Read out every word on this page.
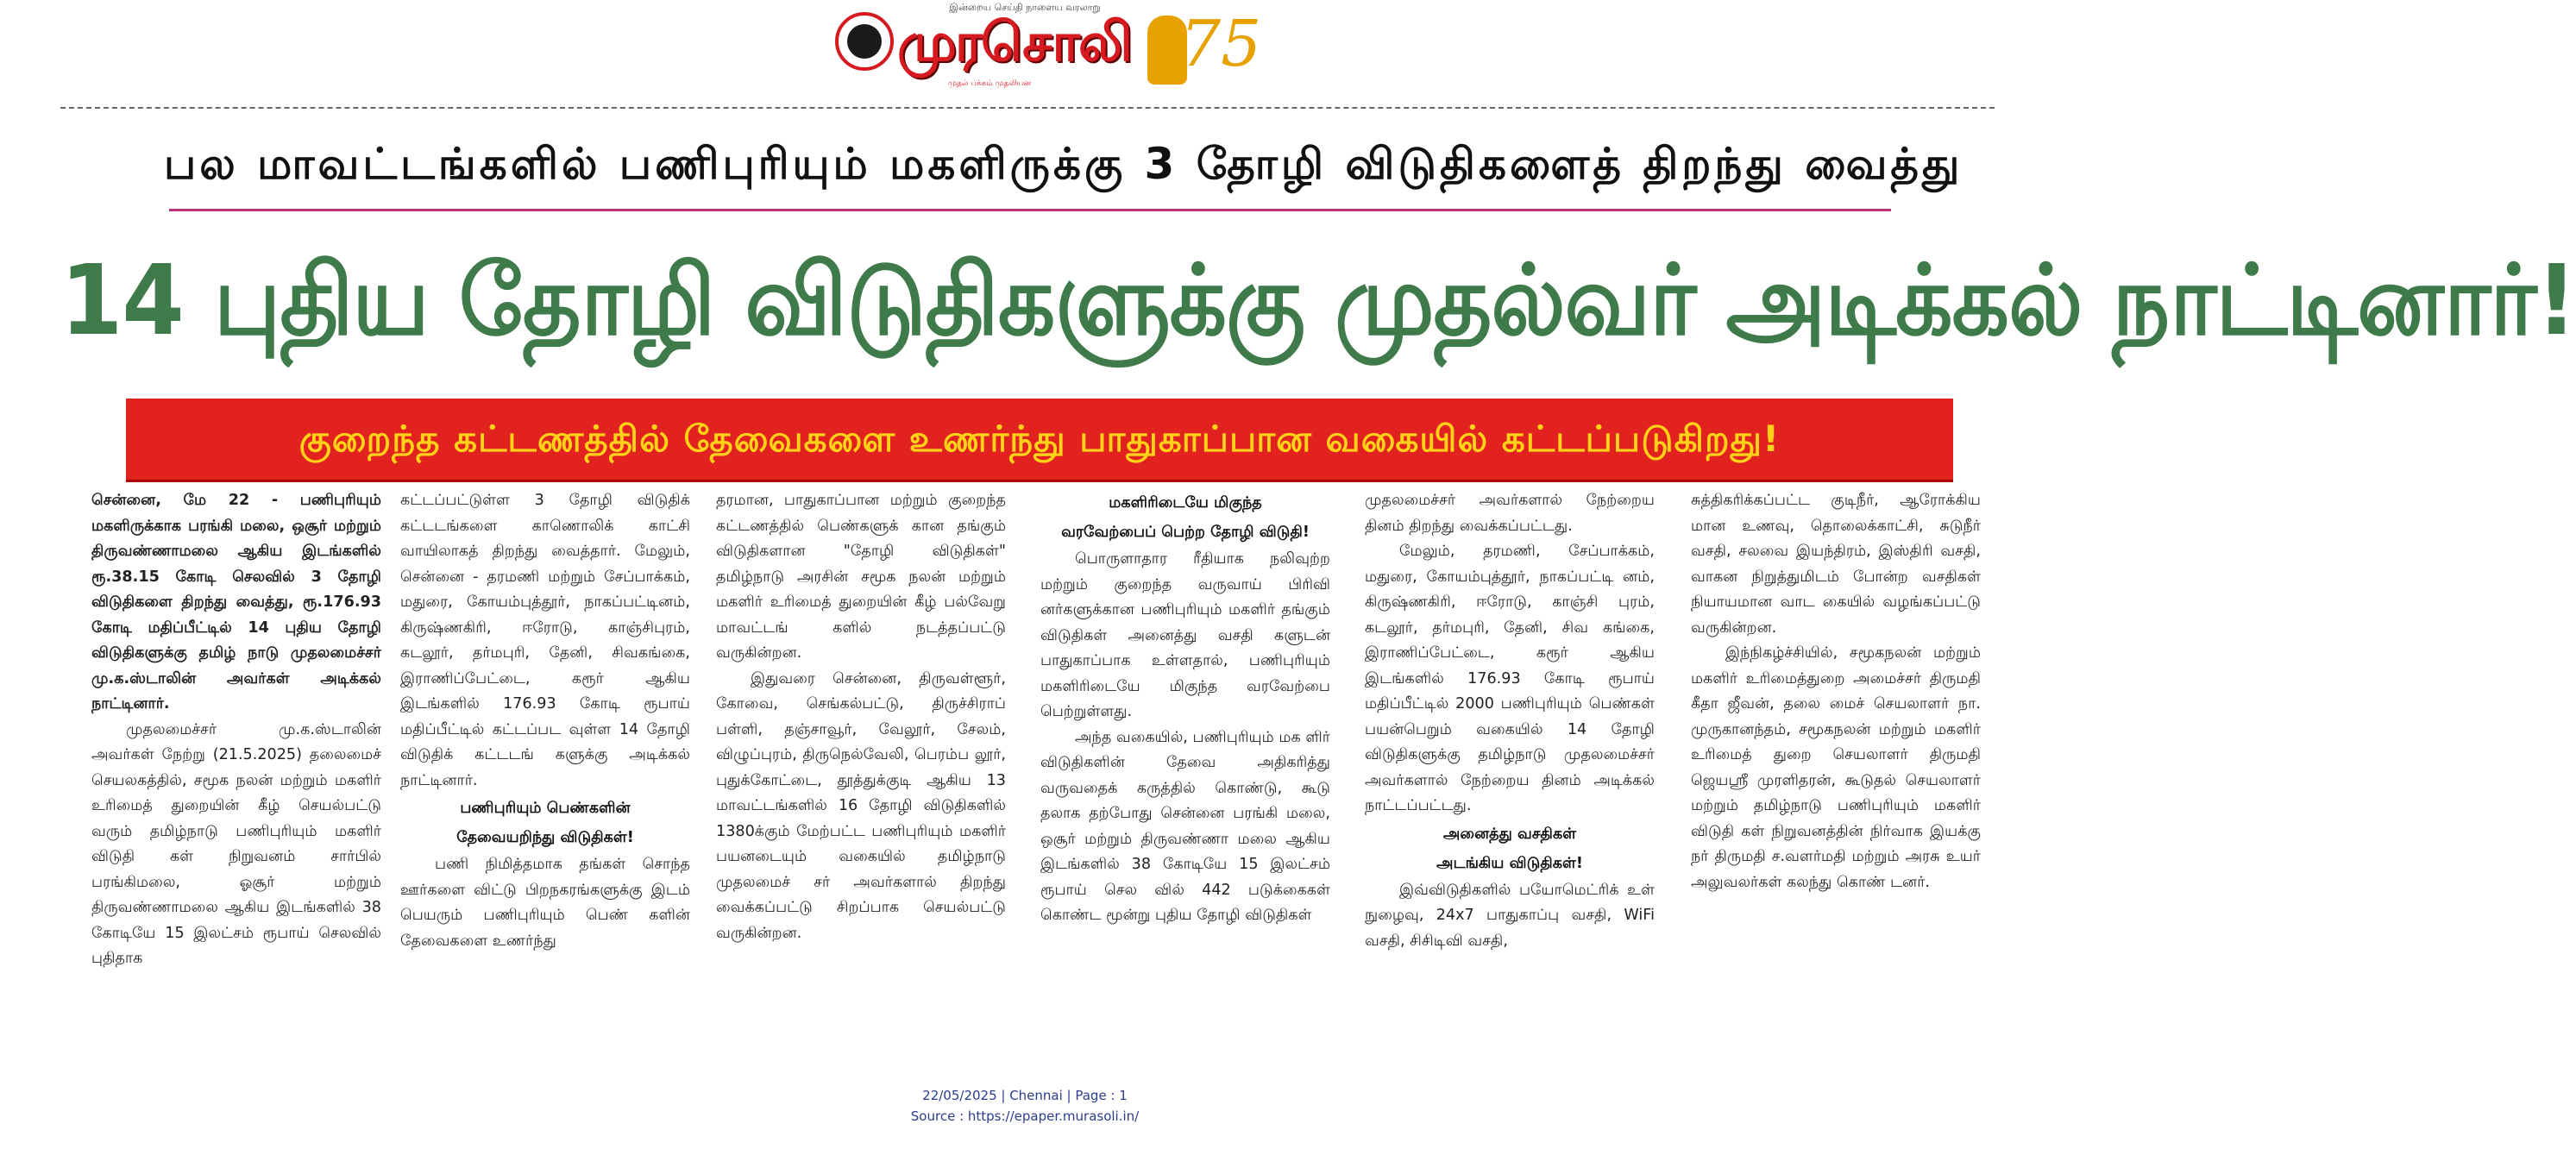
இன்றைய செய்தி நாளைய வரலாறு
முரசொலி
முதல் பக்கம் முதலியன
75
பல மாவட்டங்களில் பணிபுரியும் மகளிருக்கு 3 தோழி விடுதிகளைத் திறந்து வைத்து
14 புதிய தோழி விடுதிகளுக்கு முதல்வர் அடிக்கல் நாட்டினார்!
குறைந்த கட்டணத்தில் தேவைகளை உணர்ந்து பாதுகாப்பான வகையில் கட்டப்படுகிறது!

சென்னை, மே 22 - பணிபுரியும் மகளிருக்காக பரங்கி மலை, ஒசூர் மற்றும் திருவண்ணாமலை ஆகிய இடங்களில் ரூ.38.15 கோடி செலவில் 3 தோழி விடுதிகளை திறந்து வைத்து, ரூ.176.93 கோடி மதிப்பீட்டில் 14 புதிய தோழி விடுதிகளுக்கு தமிழ் நாடு முதலமைச்சர் மு.க.ஸ்டாலின் அவர்கள் அடிக்கல் நாட்டினார்.

முதலமைச்சர் மு.க.ஸ்டாலின் அவர்கள் நேற்று (21.5.2025) தலைமைச் செயலகத்தில், சமூக நலன் மற்றும் மகளிர் உரிமைத் துறையின் கீழ் செயல்பட்டு வரும் தமிழ்நாடு பணிபுரியும் மகளிர் விடுதி கள் நிறுவனம் சார்பில் பரங்கிமலை, ஓசூர் மற்றும் திருவண்ணாமலை ஆகிய இடங்களில் 38 கோடியே 15 இலட்சம் ரூபாய் செலவில் புதிதாக

கட்டப்பட்டுள்ள 3 தோழி விடுதிக் கட்டடங்களை காணொலிக் காட்சி வாயிலாகத் திறந்து வைத்தார். மேலும், சென்னை - தரமணி மற்றும் சேப்பாக்கம், மதுரை, கோயம்புத்தூர், நாகப்பட்டினம், கிருஷ்ணகிரி, ஈரோடு, காஞ்சிபுரம், கடலூர், தர்மபுரி, தேனி, சிவகங்கை, இராணிப்பேட்டை, கரூர் ஆகிய இடங்களில் 176.93 கோடி ரூபாய் மதிப்பீட்டில் கட்டப்பட வுள்ள 14 தோழி விடுதிக் கட்டடங் களுக்கு அடிக்கல் நாட்டினார்.

பணிபுரியும் பெண்களின்

தேவையறிந்து விடுதிகள்!

பணி நிமித்தமாக தங்கள் சொந்த ஊர்களை விட்டு பிறநகரங்களுக்கு இடம் பெயரும் பணிபுரியும் பெண் களின் தேவைகளை உணர்ந்து

தரமான, பாதுகாப்பான மற்றும் குறைந்த கட்டணத்தில் பெண்களுக் கான தங்கும் விடுதிகளான "தோழி விடுதிகள்" தமிழ்நாடு அரசின் சமூக நலன் மற்றும் மகளிர் உரிமைத் துறையின் கீழ் பல்வேறு மாவட்டங் களில் நடத்தப்பட்டு வருகின்றன.

இதுவரை சென்னை, திருவள்ளூர், கோவை, செங்கல்பட்டு, திருச்சிராப் பள்ளி, தஞ்சாவூர், வேலூர், சேலம், விழுப்புரம், திருநெல்வேலி, பெரம்ப லூர், புதுக்கோட்டை, தூத்துக்குடி ஆகிய 13 மாவட்டங்களில் 16 தோழி விடுதிகளில் 1380க்கும் மேற்பட்ட பணிபுரியும் மகளிர் பயனடையும் வகையில் தமிழ்நாடு முதலமைச் சர் அவர்களால் திறந்து வைக்கப்பட்டு சிறப்பாக செயல்பட்டு வருகின்றன.

மகளிரிடையே மிகுந்த

வரவேற்பைப் பெற்ற தோழி விடுதி!

பொருளாதார ரீதியாக நலிவுற்ற மற்றும் குறைந்த வருவாய் பிரிவி னர்களுக்கான பணிபுரியும் மகளிர் தங்கும் விடுதிகள் அனைத்து வசதி களுடன் பாதுகாப்பாக உள்ளதால், பணிபுரியும் மகளிரிடையே மிகுந்த வரவேற்பை பெற்றுள்ளது.

அந்த வகையில், பணிபுரியும் மக ளிர் விடுதிகளின் தேவை அதிகரித்து வருவதைக் கருத்தில் கொண்டு, கூடு தலாக தற்போது சென்னை பரங்கி மலை, ஒசூர் மற்றும் திருவண்ணா மலை ஆகிய இடங்களில் 38 கோடியே 15 இலட்சம் ரூபாய் செல வில் 442 படுக்கைகள் கொண்ட மூன்று புதிய தோழி விடுதிகள்

முதலமைச்சர் அவர்களால் நேற்றைய தினம் திறந்து வைக்கப்பட்டது.

மேலும், தரமணி, சேப்பாக்கம், மதுரை, கோயம்புத்தூர், நாகப்பட்டி னம், கிருஷ்ணகிரி, ஈரோடு, காஞ்சி புரம், கடலூர், தர்மபுரி, தேனி, சிவ கங்கை, இராணிப்பேட்டை, கரூர் ஆகிய இடங்களில் 176.93 கோடி ரூபாய் மதிப்பீட்டில் 2000 பணிபுரியும் பெண்கள் பயன்பெறும் வகையில் 14 தோழி விடுதிகளுக்கு தமிழ்நாடு முதலமைச்சர் அவர்களால் நேற்றைய தினம் அடிக்கல் நாட்டப்பட்டது.

அனைத்து வசதிகள்

அடங்கிய விடுதிகள்!

இவ்விடுதிகளில் பயோமெட்ரிக் உள் நுழைவு, 24x7 பாதுகாப்பு வசதி, WiFi வசதி, சிசிடிவி வசதி,

சுத்திகரிக்கப்பட்ட குடிநீர், ஆரோக்கிய மான உணவு, தொலைக்காட்சி, சுடுநீர் வசதி, சலவை இயந்திரம், இஸ்திரி வசதி, வாகன நிறுத்துமிடம் போன்ற வசதிகள் நியாயமான வாட கையில் வழங்கப்பட்டு வருகின்றன.

இந்நிகழ்ச்சியில், சமூகநலன் மற்றும் மகளிர் உரிமைத்துறை அமைச்சர் திருமதி கீதா ஜீவன், தலை மைச் செயலாளர் நா. முருகானந்தம், சமூகநலன் மற்றும் மகளிர் உரிமைத் துறை செயலாளர் திருமதி ஜெயஸ்ரீ முரளிதரன், கூடுதல் செயலாளர் மற்றும் தமிழ்நாடு பணிபுரியும் மகளிர் விடுதி கள் நிறுவனத்தின் நிர்வாக இயக்கு நர் திருமதி ச.வளர்மதி மற்றும் அரசு உயர் அலுவலர்கள் கலந்து கொண் டனர்.

22/05/2025 | Chennai | Page : 1
Source : https://epaper.murasoli.in/
